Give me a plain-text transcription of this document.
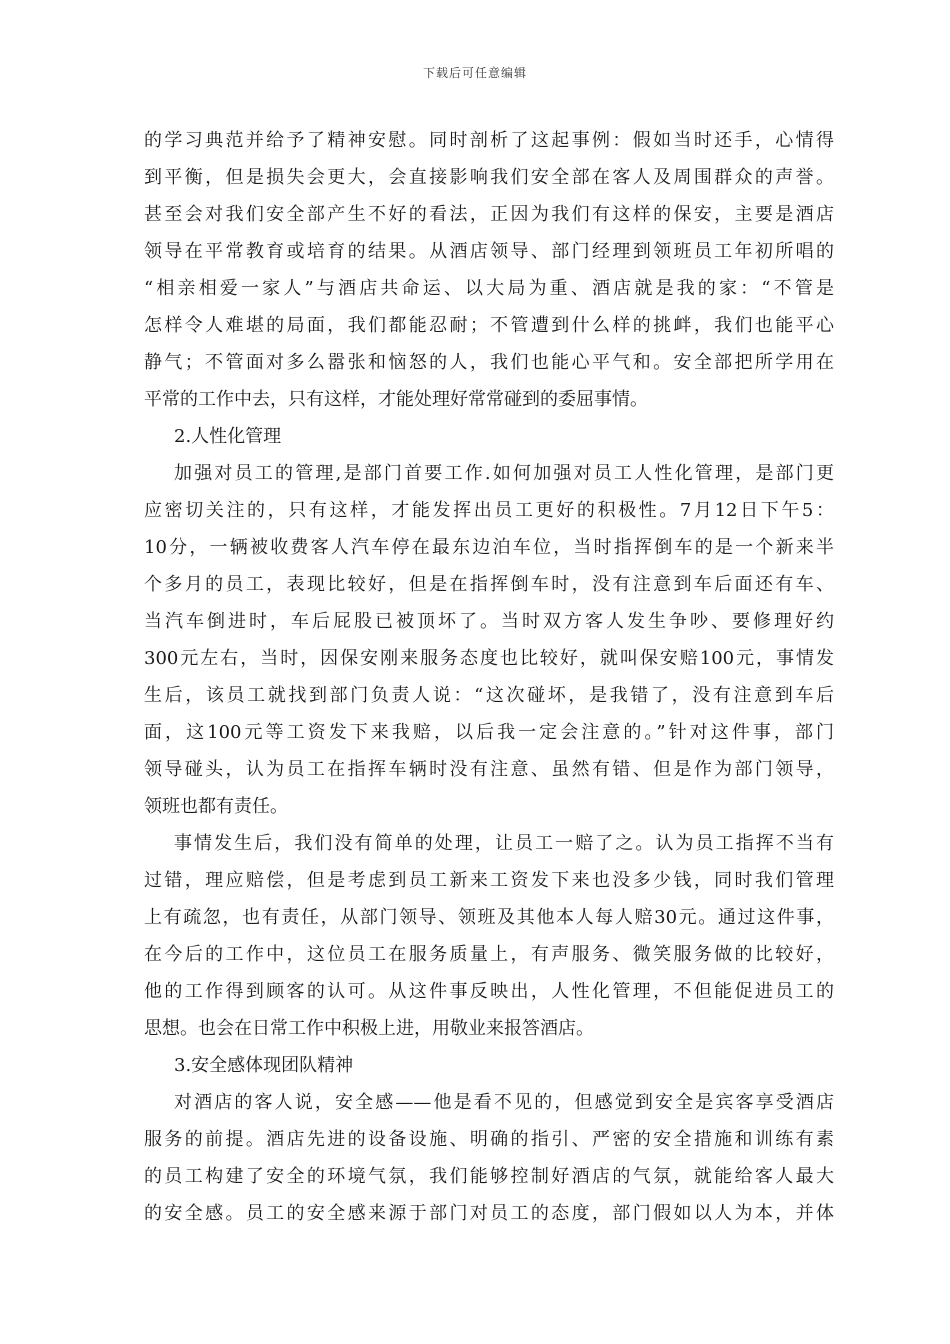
下载后可任意编辑
的学习典范并给予了精神安慰。同时剖析了这起事例：假如当时还手，心情得
到平衡，但是损失会更大，会直接影响我们安全部在客人及周围群众的声誉。
甚至会对我们安全部产生不好的看法，正因为我们有这样的保安，主要是酒店
领导在平常教育或培育的结果。从酒店领导、部门经理到领班员工年初所唱的
“相亲相爱一家人”与酒店共命运、以大局为重、酒店就是我的家：“不管是
怎样令人难堪的局面，我们都能忍耐；不管遭到什么样的挑衅，我们也能平心
静气；不管面对多么嚣张和恼怒的人，我们也能心平气和。安全部把所学用在
平常的工作中去，只有这样，才能处理好常常碰到的委屈事情。
2.人性化管理
加强对员工的管理,是部门首要工作.如何加强对员工人性化管理，是部门更
应密切关注的，只有这样，才能发挥出员工更好的积极性。7月12日下午5：
10分，一辆被收费客人汽车停在最东边泊车位，当时指挥倒车的是一个新来半
个多月的员工，表现比较好，但是在指挥倒车时，没有注意到车后面还有车、
当汽车倒进时，车后屁股已被顶坏了。当时双方客人发生争吵、要修理好约
300元左右，当时，因保安刚来服务态度也比较好，就叫保安赔100元，事情发
生后，该员工就找到部门负责人说：“这次碰坏，是我错了，没有注意到车后
面，这100元等工资发下来我赔，以后我一定会注意的。”针对这件事，部门
领导碰头，认为员工在指挥车辆时没有注意、虽然有错、但是作为部门领导，
领班也都有责任。
事情发生后，我们没有简单的处理，让员工一赔了之。认为员工指挥不当有
过错，理应赔偿，但是考虑到员工新来工资发下来也没多少钱，同时我们管理
上有疏忽，也有责任，从部门领导、领班及其他本人每人赔30元。通过这件事，
在今后的工作中，这位员工在服务质量上，有声服务、微笑服务做的比较好，
他的工作得到顾客的认可。从这件事反映出，人性化管理，不但能促进员工的
思想。也会在日常工作中积极上进，用敬业来报答酒店。
3.安全感体现团队精神
对酒店的客人说，安全感——他是看不见的，但感觉到安全是宾客享受酒店
服务的前提。酒店先进的设备设施、明确的指引、严密的安全措施和训练有素
的员工构建了安全的环境气氛，我们能够控制好酒店的气氛，就能给客人最大
的安全感。员工的安全感来源于部门对员工的态度，部门假如以人为本，并体
